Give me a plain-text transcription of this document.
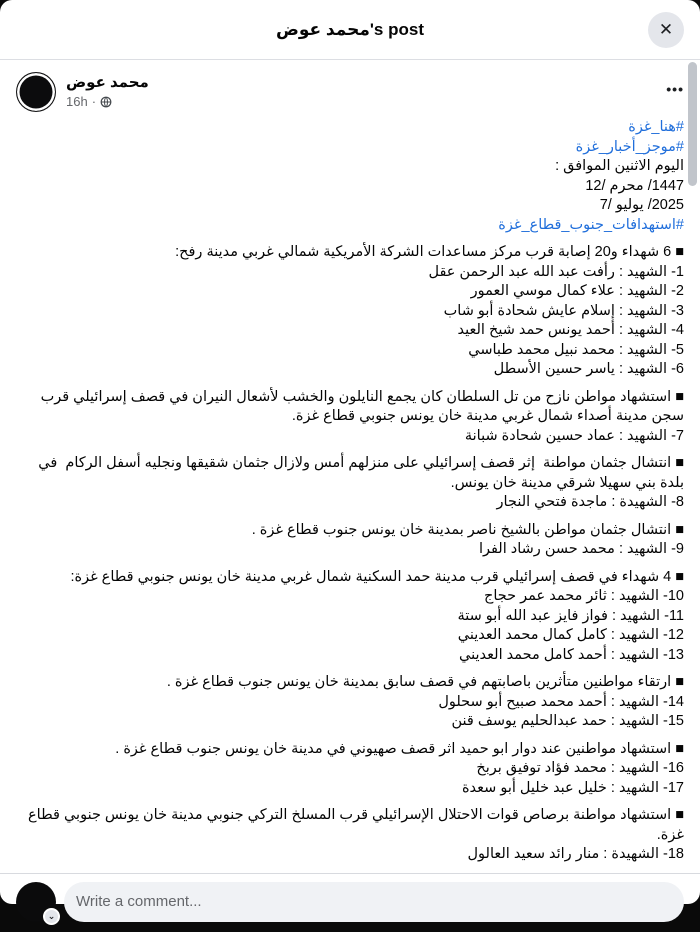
محمد عوض's post	✕
محمد عوض
16h ·
•••
#هنا_غزة
#موجز_أخبار_غزة
اليوم الاثنين الموافق :
1447/ محرم /12
2025/ يوليو /7
#استهدافات_جنوب_قطاع_غزة
■ 6 شهداء و20 إصابة قرب مركز مساعدات الشركة الأمريكية شمالي غربي مدينة رفح:
1- الشهيد : رأفت عبد الله عبد الرحمن عقل
2- الشهيد : علاء كمال موسي العمور
3- الشهيد : إسلام عايش شحادة أبو شاب
4- الشهيد : أحمد يونس حمد شيخ العيد
5- الشهيد : محمد نبيل محمد طباسي
6- الشهيد : ياسر حسين الأسطل
■ استشهاد مواطن نازح من تل السلطان كان يجمع النايلون والخشب لأشعال النيران في قصف إسرائيلي قرب سجن مدينة أصداء شمال غربي مدينة خان يونس جنوبي قطاع غزة.
7- الشهيد : عماد حسين شحادة شبانة
■ انتشال جثمان مواطنة  إثر قصف إسرائيلي على منزلهم أمس ولازال جثمان شقيقها ونجليه أسفل الركام  في بلدة بني سهيلا شرقي مدينة خان يونس.
8- الشهيدة : ماجدة فتحي النجار
■ انتشال جثمان مواطن بالشيخ ناصر بمدينة خان يونس جنوب قطاع غزة .
9- الشهيد : محمد حسن رشاد الفرا
■ 4 شهداء في قصف إسرائيلي قرب مدينة حمد السكنية شمال غربي مدينة خان يونس جنوبي قطاع غزة:
10- الشهيد : ثائر محمد عمر حجاج
11- الشهيد : فواز فايز عبد الله أبو ستة
12- الشهيد : كامل كمال محمد العديني
13- الشهيد : أحمد كامل محمد العديني
■ ارتقاء مواطنين متأثرين باصابتهم في قصف سابق بمدينة خان يونس جنوب قطاع غزة .
14- الشهيد : أحمد محمد صبيح أبو سحلول
15- الشهيد : حمد عبدالحليم يوسف قنن
■ استشهاد مواطنين عند دوار ابو حميد اثر قصف صهيوني في مدينة خان يونس جنوب قطاع غزة .
16- الشهيد : محمد فؤاد توفيق بربخ
17- الشهيد : خليل عبد خليل أبو سعدة
■ استشهاد مواطنة برصاص قوات الاحتلال الإسرائيلي قرب المسلخ التركي جنوبي مدينة خان يونس جنوبي قطاع غزة.
18- الشهيدة : منار رائد سعيد العالول
⌄
Write a comment...
